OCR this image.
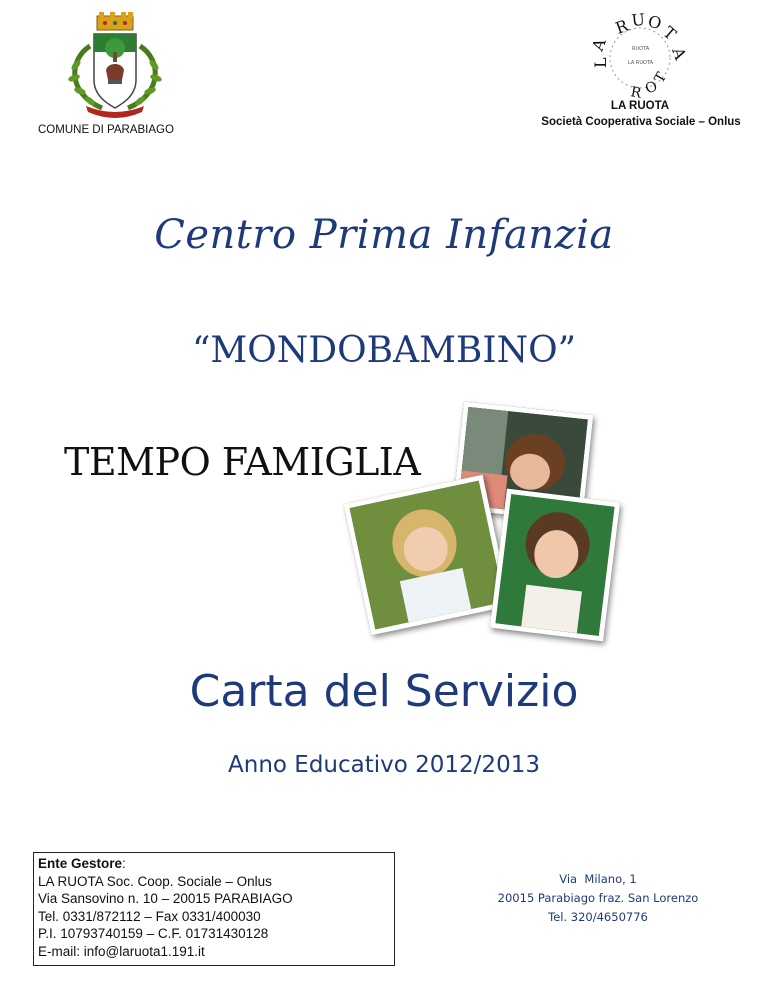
COMUNE DI PARABIAGO
R U O
T
A
A
L
R O
T
RUOTA
LA RUOTA
LA RUOTA
Società Cooperativa Sociale – Onlus
Centro Prima Infanzia
“MONDOBAMBINO”
TEMPO FAMIGLIA
Carta del Servizio
Anno Educativo 2012/2013
Ente Gestore:
LA RUOTA Soc. Coop. Sociale – Onlus
Via Sansovino n. 10 – 20015 PARABIAGO
Tel. 0331/872112 – Fax 0331/400030
P.I. 10793740159 – C.F. 01731430128
E-mail: info@laruota1.191.it
Via  Milano, 1
20015 Parabiago fraz. San Lorenzo
Tel. 320/4650776
